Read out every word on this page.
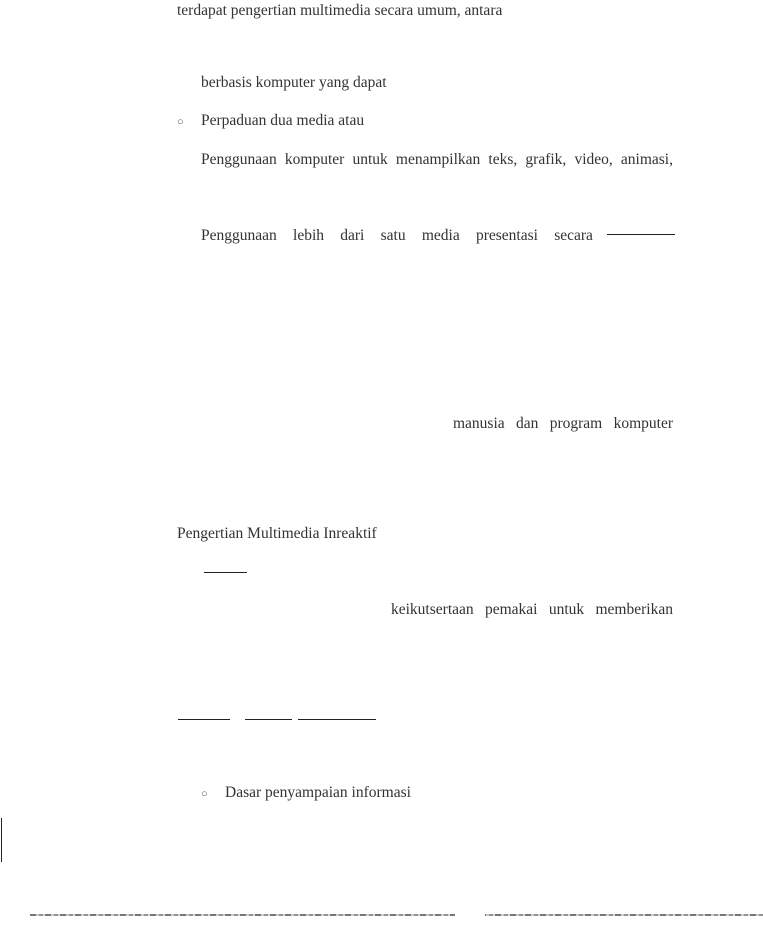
terdapat pengertian multimedia secara umum, antara
berbasis komputer yang dapat
○ Perpaduan dua media atau
Penggunaan komputer untuk menampilkan teks, grafik, video, animasi,
Penggunaan lebih dari satu media presentasi secara
manusia dan program komputer
Pengertian Multimedia Inreaktif
keikutsertaan pemakai untuk memberikan
○ Dasar penyampaian informasi
